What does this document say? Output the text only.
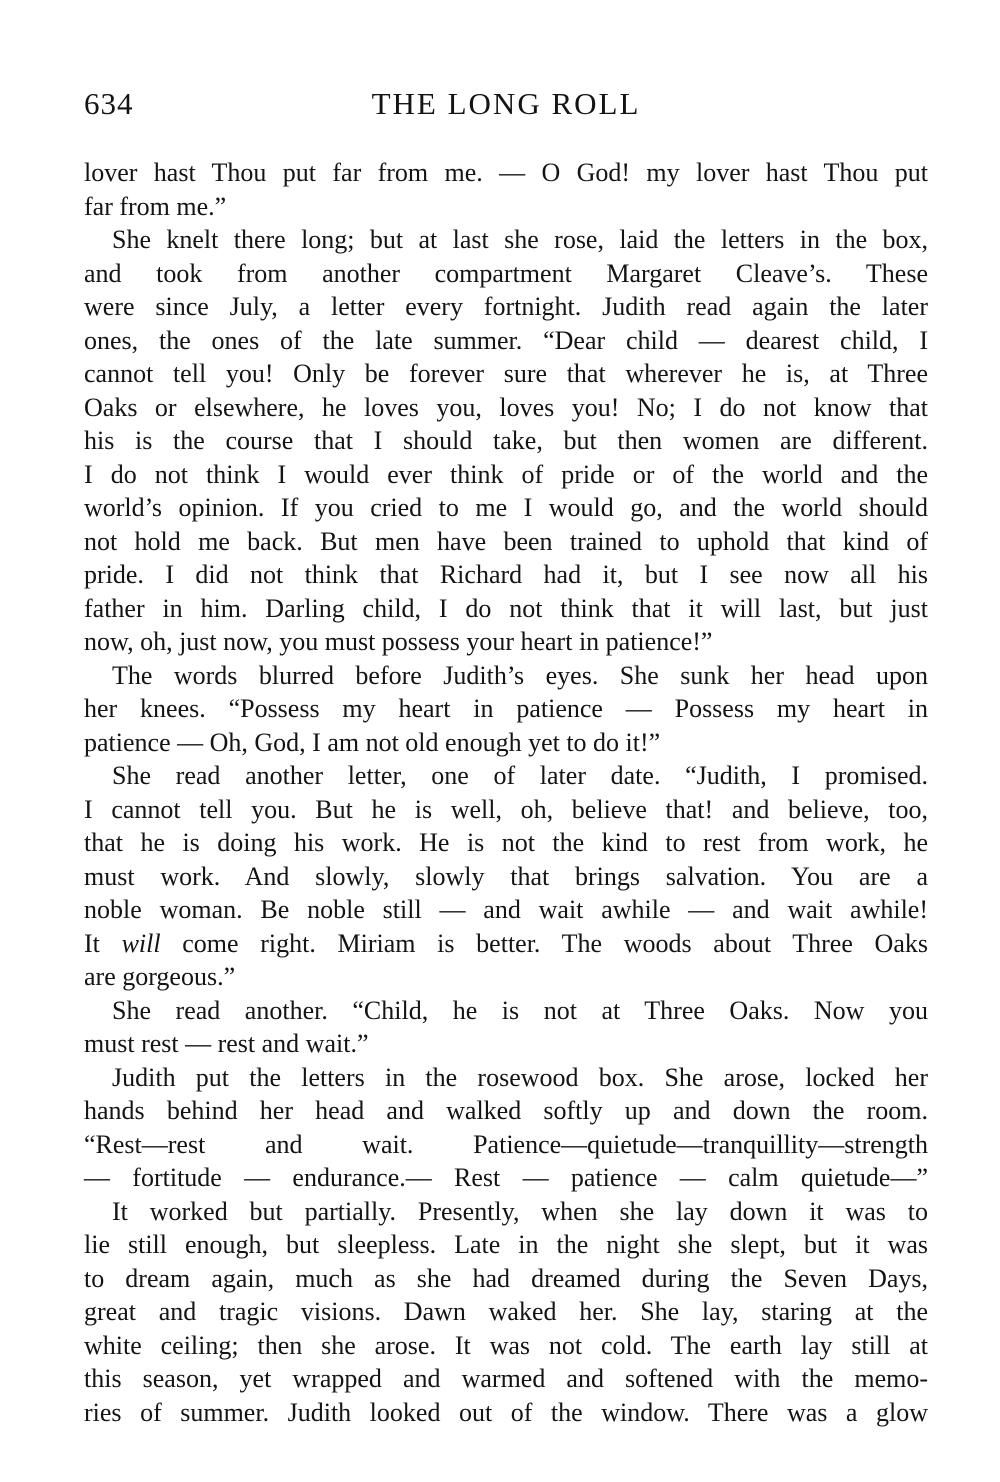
634	THE LONG ROLL
lover hast Thou put far from me. — O God! my lover hast Thou put
far from me.”
She knelt there long; but at last she rose, laid the letters in the box,
and took from another compartment Margaret Cleave’s. These
were since July, a letter every fortnight. Judith read again the later
ones, the ones of the late summer. “Dear child — dearest child, I
cannot tell you! Only be forever sure that wherever he is, at Three
Oaks or elsewhere, he loves you, loves you! No; I do not know that
his is the course that I should take, but then women are different.
I do not think I would ever think of pride or of the world and the
world’s opinion. If you cried to me I would go, and the world should
not hold me back. But men have been trained to uphold that kind of
pride. I did not think that Richard had it, but I see now all his
father in him. Darling child, I do not think that it will last, but just
now, oh, just now, you must possess your heart in patience!”
The words blurred before Judith’s eyes. She sunk her head upon
her knees. “Possess my heart in patience — Possess my heart in
patience — Oh, God, I am not old enough yet to do it!”
She read another letter, one of later date. “Judith, I promised.
I cannot tell you. But he is well, oh, believe that! and believe, too,
that he is doing his work. He is not the kind to rest from work, he
must work. And slowly, slowly that brings salvation. You are a
noble woman. Be noble still — and wait awhile — and wait awhile!
It will come right. Miriam is better. The woods about Three Oaks
are gorgeous.”
She read another. “Child, he is not at Three Oaks. Now you
must rest — rest and wait.”
Judith put the letters in the rosewood box. She arose, locked her
hands behind her head and walked softly up and down the room.
“Rest—rest and wait. Patience—quietude—tranquillity—strength
— fortitude — endurance.— Rest — patience — calm quietude—”
It worked but partially. Presently, when she lay down it was to
lie still enough, but sleepless. Late in the night she slept, but it was
to dream again, much as she had dreamed during the Seven Days,
great and tragic visions. Dawn waked her. She lay, staring at the
white ceiling; then she arose. It was not cold. The earth lay still at
this season, yet wrapped and warmed and softened with the memo-
ries of summer. Judith looked out of the window. There was a glow
